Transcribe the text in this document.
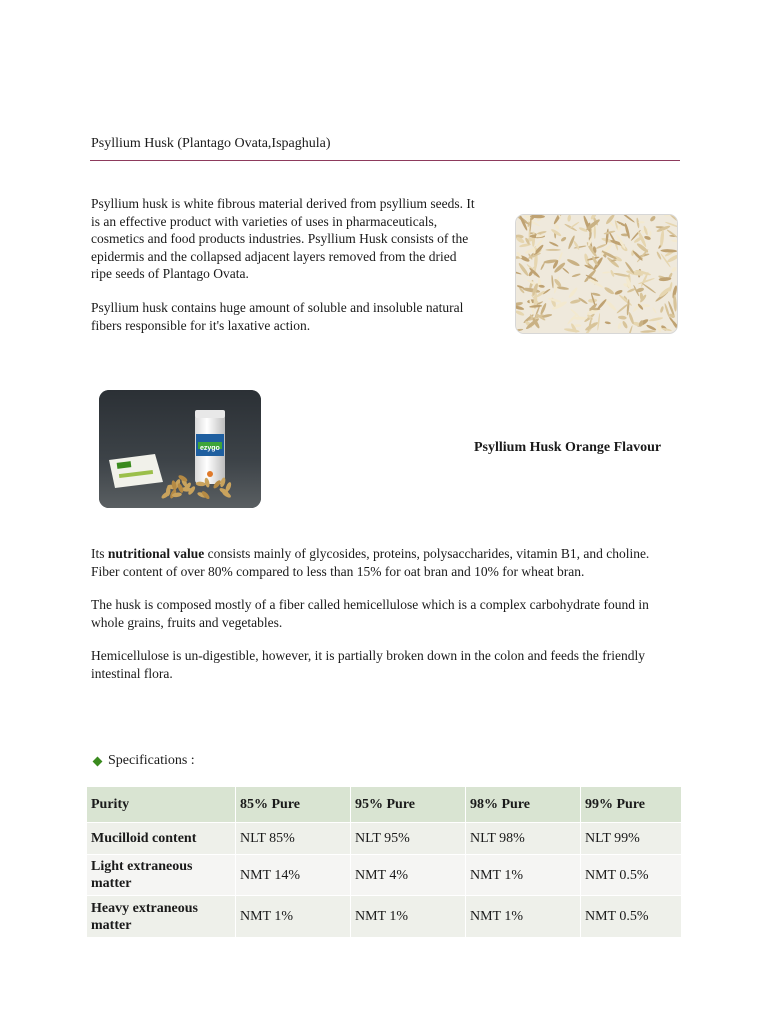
Psyllium Husk (Plantago Ovata,Ispaghula)

Psyllium husk is white fibrous material derived from psyllium seeds. It is an effective product with varieties of uses in pharmaceuticals, cosmetics and food products industries. Psyllium Husk consists of the epidermis and the collapsed adjacent layers removed from the dried ripe seeds of Plantago Ovata.

Psyllium husk contains huge amount of soluble and insoluble natural fibers responsible for it's laxative action.

ezygo	Psyllium Husk Orange Flavour

Its nutritional value consists mainly of glycosides, proteins, polysaccharides, vitamin B1, and choline. Fiber content of over 80% compared to less than 15% for oat bran and 10% for wheat bran.

The husk is composed mostly of a fiber called hemicellulose which is a complex carbohydrate found in whole grains, fruits and vegetables.

Hemicellulose is un-digestible, however, it is partially broken down in the colon and feeds the friendly intestinal flora.

Specifications :
Purity	85% Pure	95% Pure	98% Pure	99% Pure
Mucilloid content	NLT 85%	NLT 95%	NLT 98%	NLT 99%
Light extraneous matter	NMT 14%	NMT 4%	NMT 1%	NMT 0.5%
Heavy extraneous matter	NMT 1%	NMT 1%	NMT 1%	NMT 0.5%
